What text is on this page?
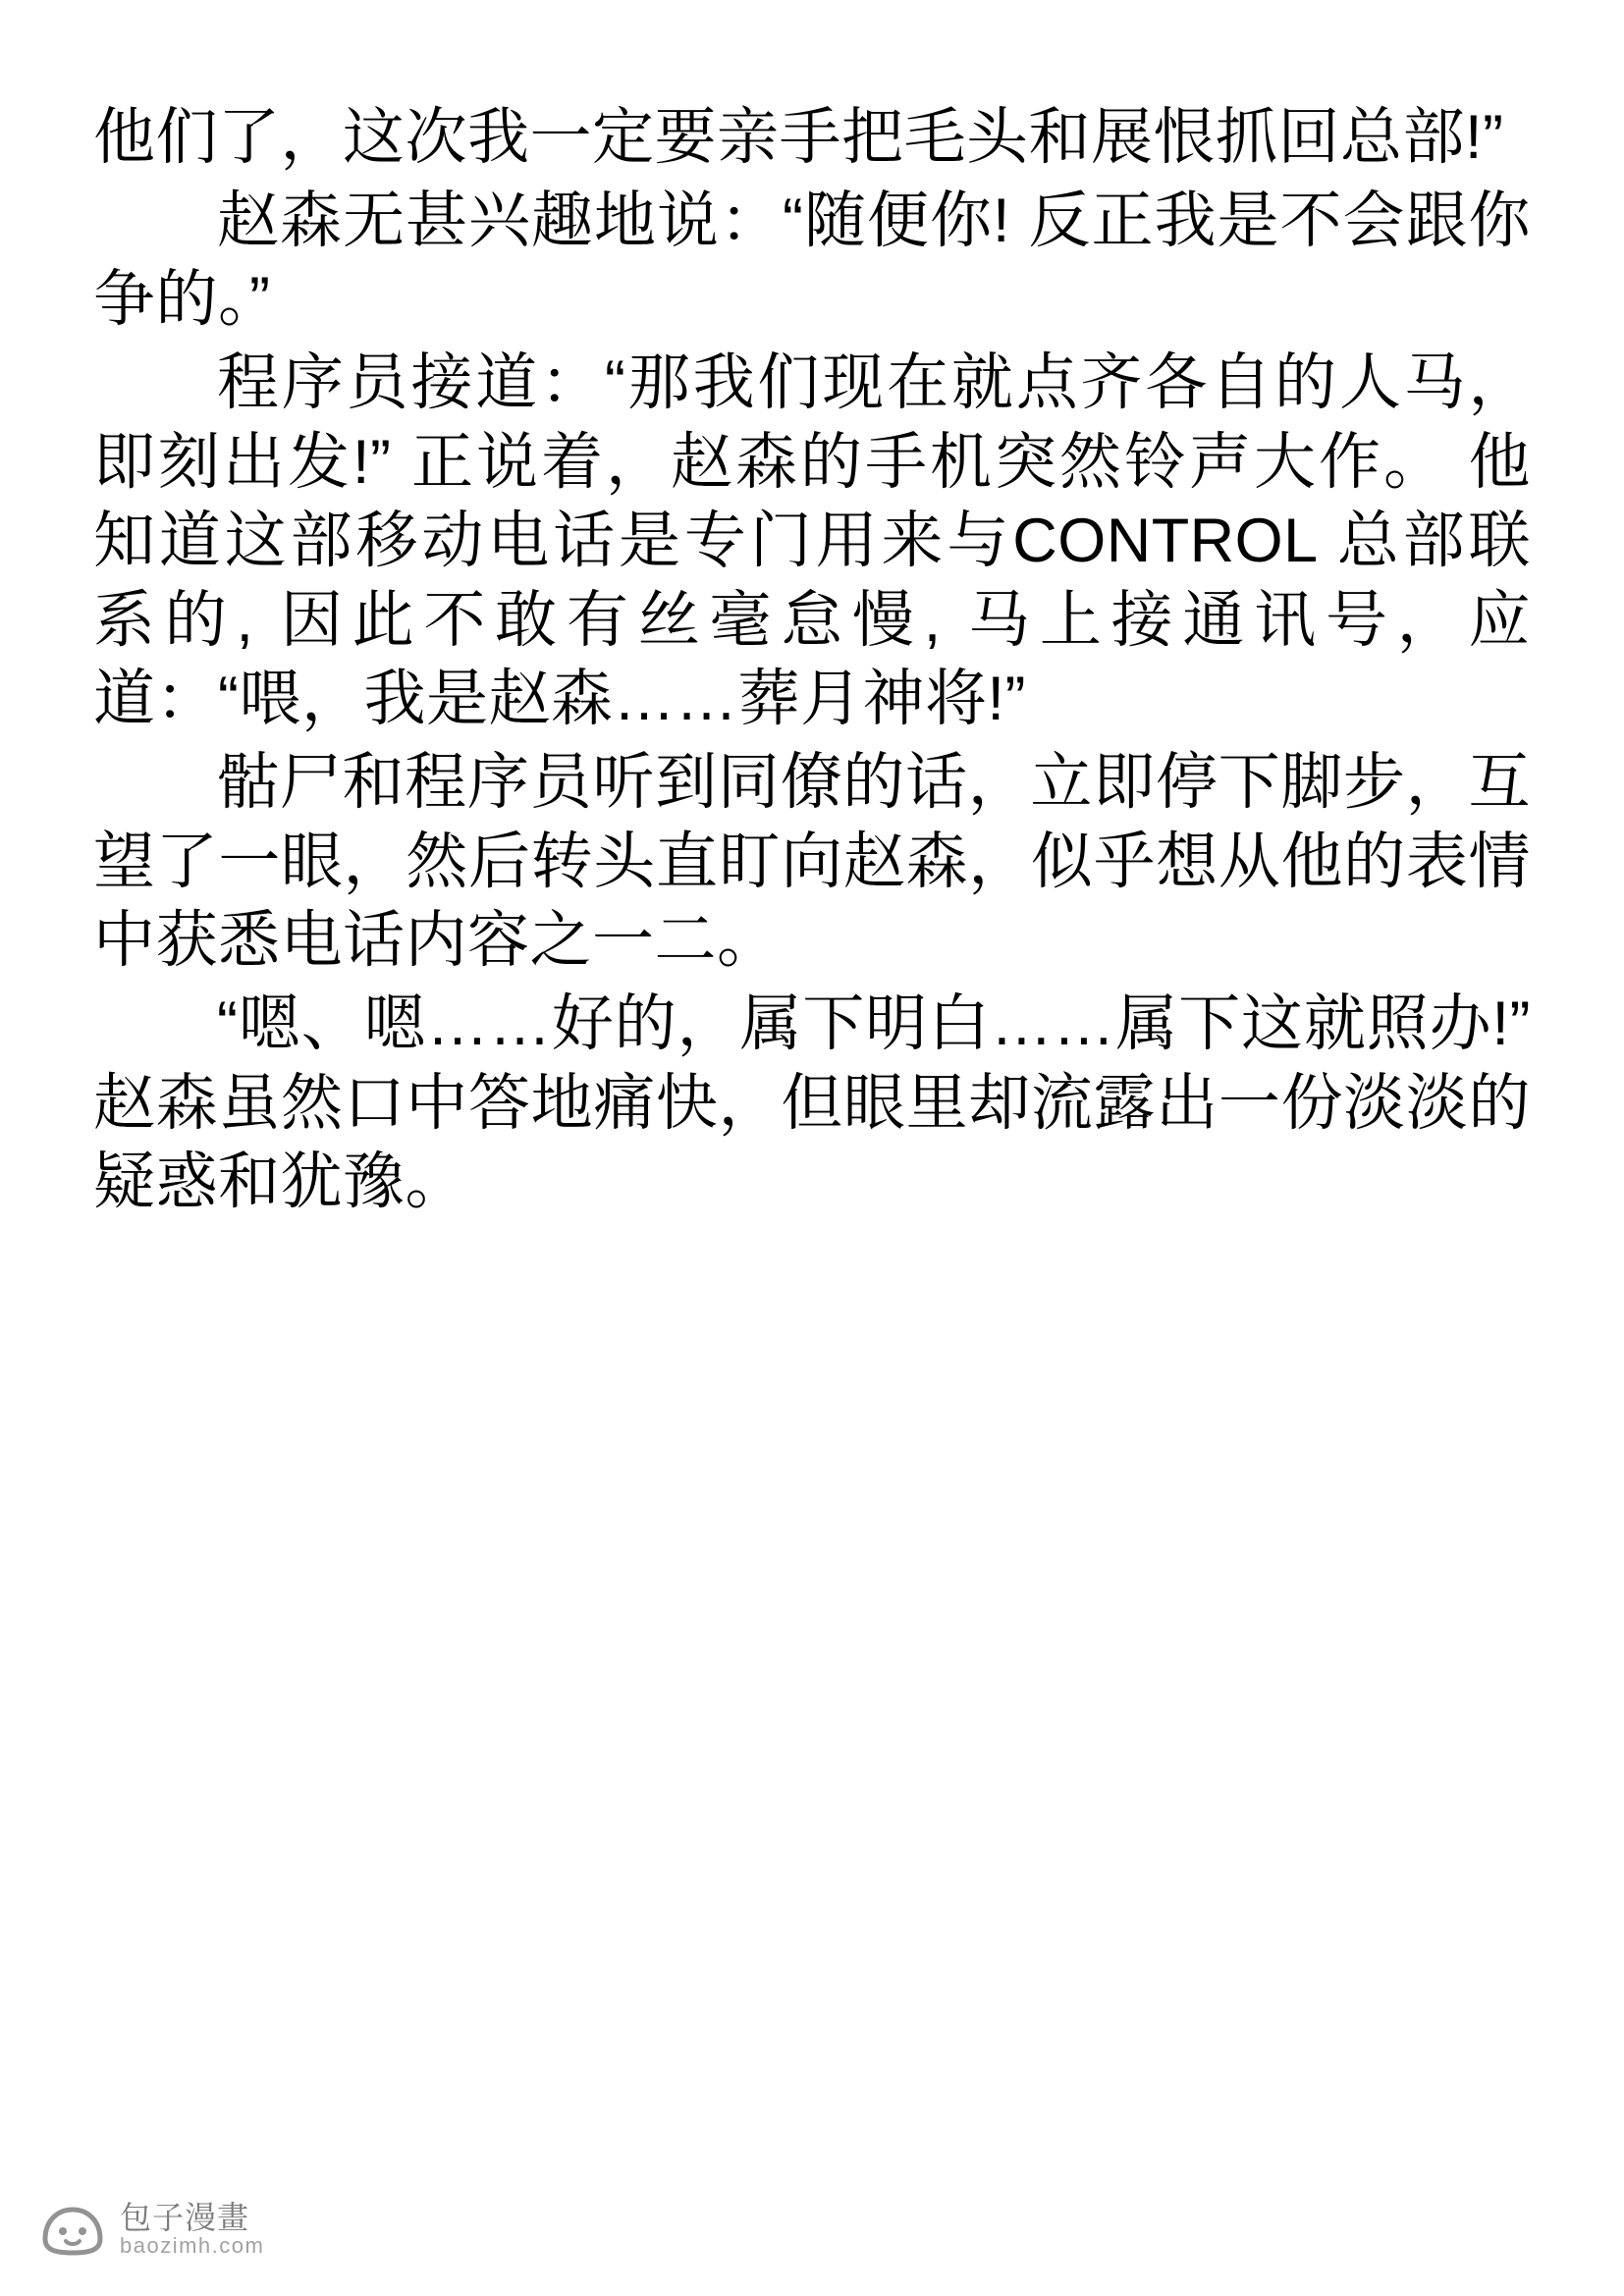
他们了，这次我一定要亲手把毛头和展恨抓回总部!”

赵森无甚兴趣地说：“随便你! 反正我是不会跟你争的。”

程序员接道：“那我们现在就点齐各自的人马，即刻出发!” 正说着，赵森的手机突然铃声大作。 他知道这部移动电话是专门用来与CONTROL 总部联系的, 因此不敢有丝毫怠慢, 马上接通讯号，应道：“喂，我是赵森……葬月神将!”

骷尸和程序员听到同僚的话，立即停下脚步，互望了一眼，然后转头直盯向赵森，似乎想从他的表情中获悉电话内容之一二。

“嗯、嗯……好的，属下明白……属下这就照办!” 赵森虽然口中答地痛快，但眼里却流露出一份淡淡的疑惑和犹豫。

包子漫畫
baozimh.com
